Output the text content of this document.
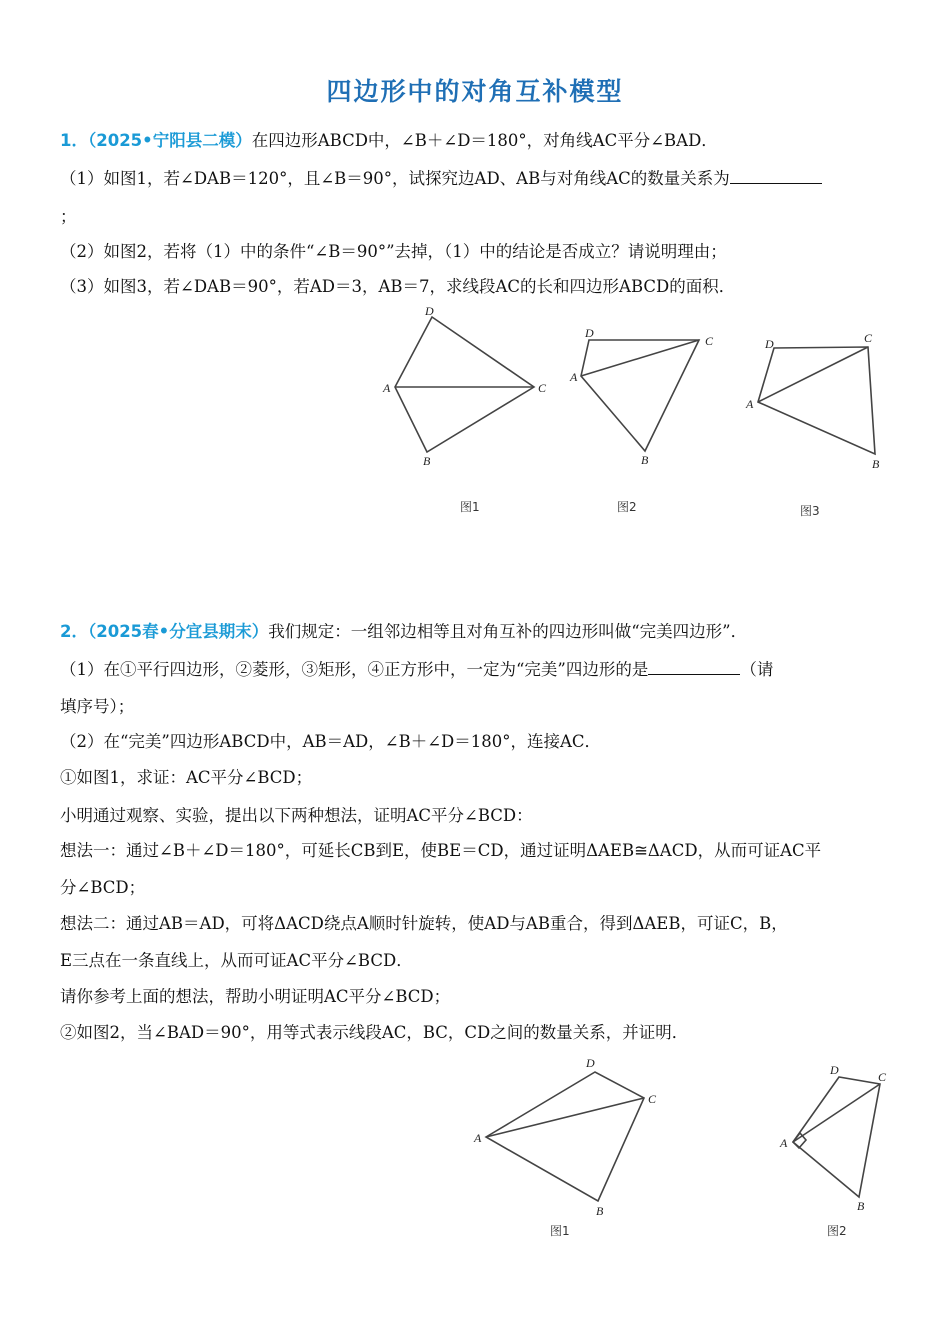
四边形中的对角互补模型
1．（2025•宁阳县二模）在四边形ABCD中，∠B＋∠D＝180°，对角线AC平分∠BAD．
（1）如图1，若∠DAB＝120°，且∠B＝90°，试探究边AD、AB与对角线AC的数量关系为
；
（2）如图2，若将（1）中的条件“∠B＝90°”去掉，（1）中的结论是否成立？请说明理由；
（3）如图3，若∠DAB＝90°，若AD＝3，AB＝7，求线段AC的长和四边形ABCD的面积．
A
D
C
B
图1
A
D
C
B
图2
A
D	C
B
图3
2．（2025春•分宜县期末）我们规定：一组邻边相等且对角互补的四边形叫做“完美四边形”．
（1）在①平行四边形，②菱形，③矩形，④正方形中，一定为“完美”四边形的是	（请
填序号）；
（2）在“完美”四边形ABCD中，AB＝AD，∠B＋∠D＝180°，连接AC．
①如图1，求证：AC平分∠BCD；
小明通过观察、实验，提出以下两种想法，证明AC平分∠BCD：
想法一：通过∠B＋∠D＝180°，可延长CB到E，使BE＝CD，通过证明ΔAEB≅ΔACD，从而可证AC平
分∠BCD；
想法二：通过AB＝AD，可将ΔACD绕点A顺时针旋转，使AD与AB重合，得到ΔAEB，可证C，B，
E三点在一条直线上，从而可证AC平分∠BCD．
请你参考上面的想法，帮助小明证明AC平分∠BCD；
②如图2，当∠BAD＝90°，用等式表示线段AC，BC，CD之间的数量关系，并证明．
A
D
C
B
图1
A
D	C
B
图2
